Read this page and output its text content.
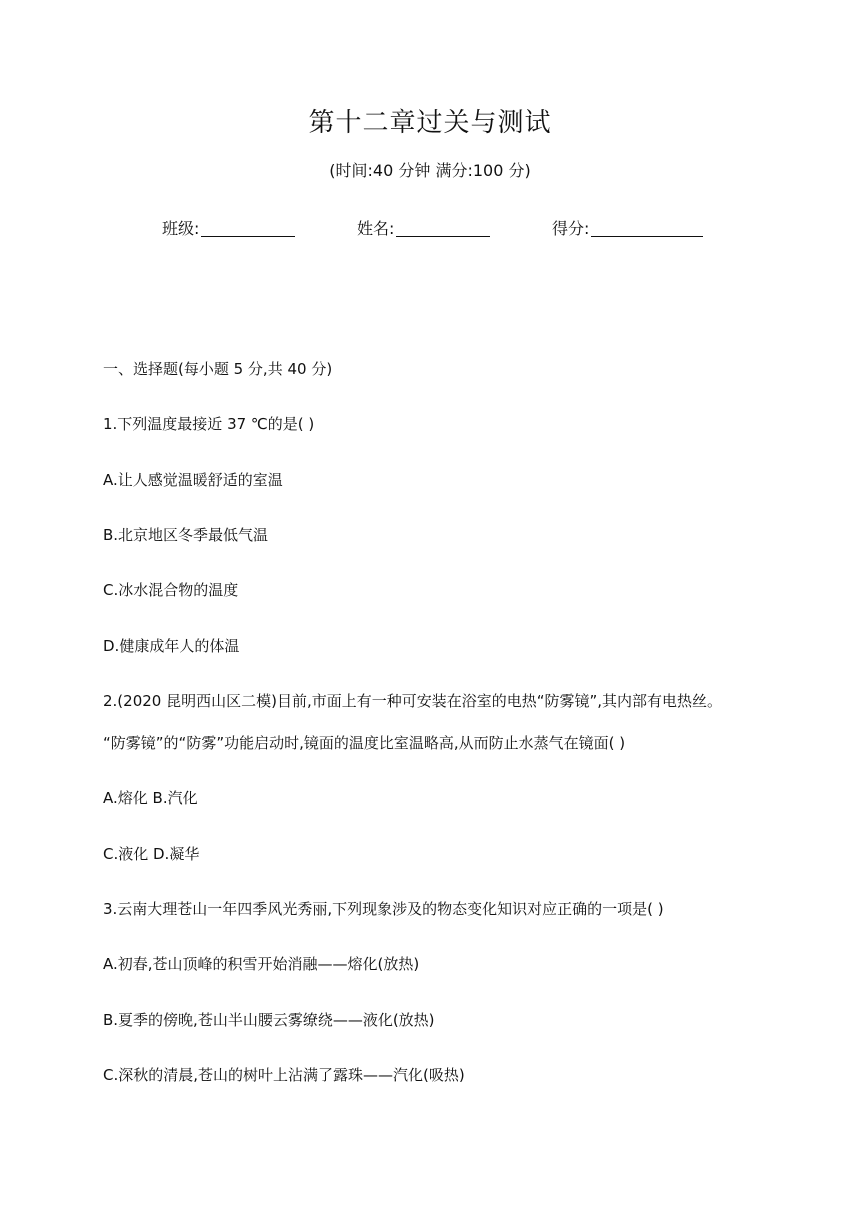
第十二章过关与测试
(时间:40 分钟 满分:100 分)
班级:	姓名:	得分:
一、选择题(每小题 5 分,共 40 分)
1.下列温度最接近 37 ℃的是( )
A.让人感觉温暖舒适的室温
B.北京地区冬季最低气温
C.冰水混合物的温度
D.健康成年人的体温
2.(2020 昆明西山区二模)目前,市面上有一种可安装在浴室的电热“防雾镜”,其内部有电热丝。
“防雾镜”的“防雾”功能启动时,镜面的温度比室温略高,从而防止水蒸气在镜面( )
A.熔化 B.汽化
C.液化 D.凝华
3.云南大理苍山一年四季风光秀丽,下列现象涉及的物态变化知识对应正确的一项是( )
A.初春,苍山顶峰的积雪开始消融——熔化(放热)
B.夏季的傍晚,苍山半山腰云雾缭绕——液化(放热)
C.深秋的清晨,苍山的树叶上沾满了露珠——汽化(吸热)
